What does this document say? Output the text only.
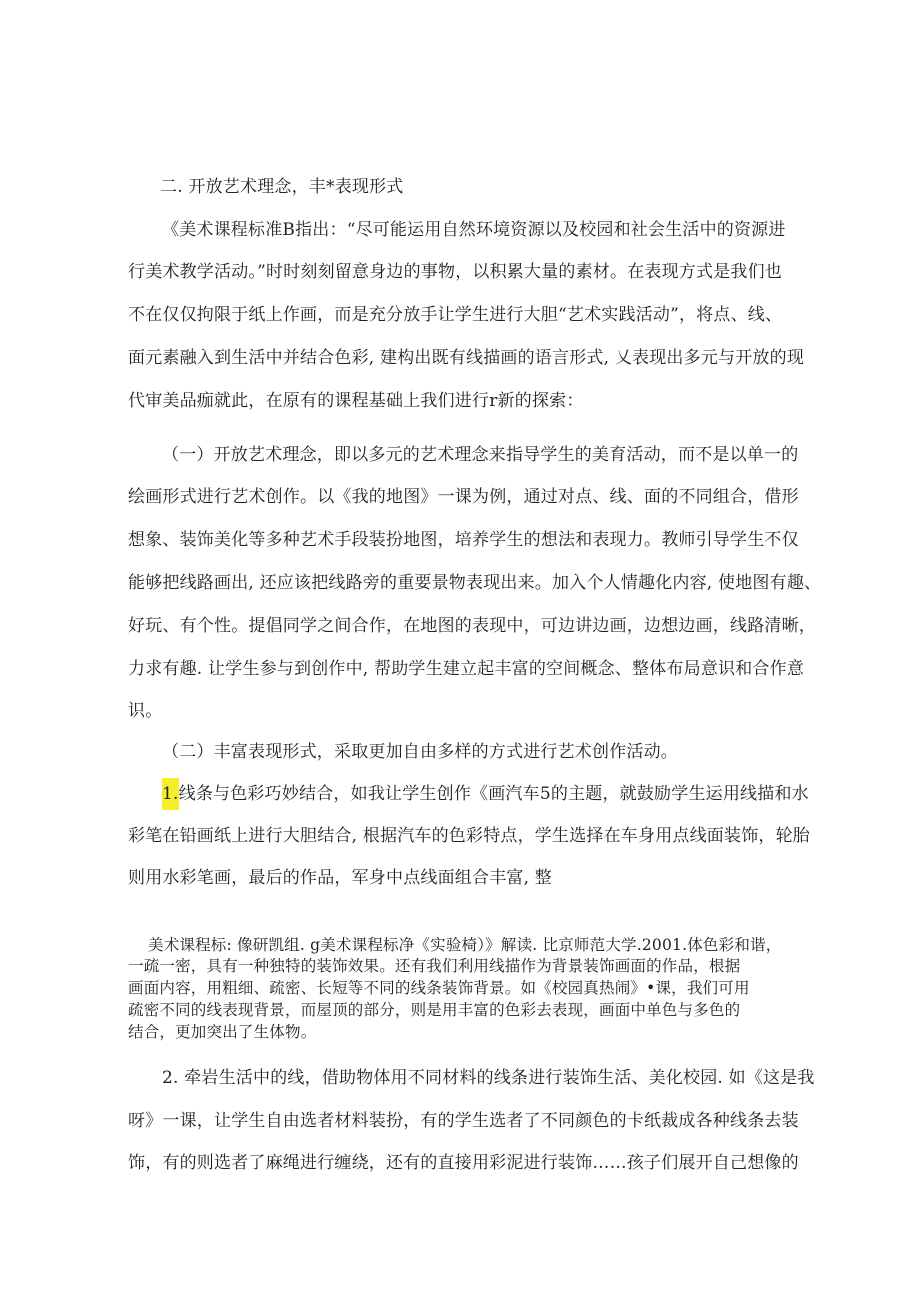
二. 开放艺术理念，丰*表现形式
《美术课程标准B指出：“尽可能运用自然环境资源以及校园和社会生活中的资源进
行美术教学活动。”时时刻刻留意身边的事物，以积累大量的素材。在表现方式是我们也
不在仅仅拘限于纸上作画，而是充分放手让学生进行大胆“艺术实践活动”，将点、线、
面元素融入到生活中并结合色彩, 建构出既有线描画的语言形式, 乂表现出多元与开放的现
代审美品痂就此，在原有的课程基础上我们进行r新的探索：
（一）开放艺术理念，即以多元的艺术理念来指导学生的美育活动，而不是以单一的
绘画形式进行艺术创作。以《我的地图》一课为例，通过对点、线、面的不同组合，借形
想象、装饰美化等多种艺术手段装扮地图，培养学生的想法和表现力。教师引导学生不仅
能够把线路画出, 还应该把线路旁的重要景物表现出来。加入个人情趣化内容, 使地图有趣、
好玩、有个性。提倡同学之间合作，在地图的表现中，可边讲边画，边想边画，线路清晰，
力求有趣. 让学生参与到创作中, 帮助学生建立起丰富的空间概念、整体布局意识和合作意
识。
（二）丰富表现形式，采取更加自由多样的方式进行艺术创作活动。
1.线条与色彩巧妙结合，如我让学生创作《画汽车5的主题，就鼓励学生运用线描和水
彩笔在铅画纸上进行大胆结合, 根据汽车的色彩特点，学生选择在车身用点线面装饰，轮胎
则用水彩笔画，最后的作品，军身中点线面组合丰富, 整
美术课程标: 像研凯组. g美术课程标净《实验椅）》解读. 比京师范大学.2001.体色彩和谐，
一疏一密，具有一种独特的装饰效果。还有我们利用线描作为背景装饰画面的作品，根据
画面内容，用粗细、疏密、长短等不同的线条装饰背景。如《校园真热闹》•课，我们可用
疏密不同的线表现背景，而屋顶的部分，则是用丰富的色彩去表现，画面中单色与多色的
结合，更加突出了生体物。
2. 牵岩生活中的线，借助物体用不同材料的线条进行装饰生活、美化校园. 如《这是我
呀》一课，让学生自由选者材料装扮，有的学生选者了不同颜色的卡纸裁成各种线条去装
饰，有的则选者了麻绳进行缠绕，还有的直接用彩泥进行装饰……孩子们展开自己想像的
